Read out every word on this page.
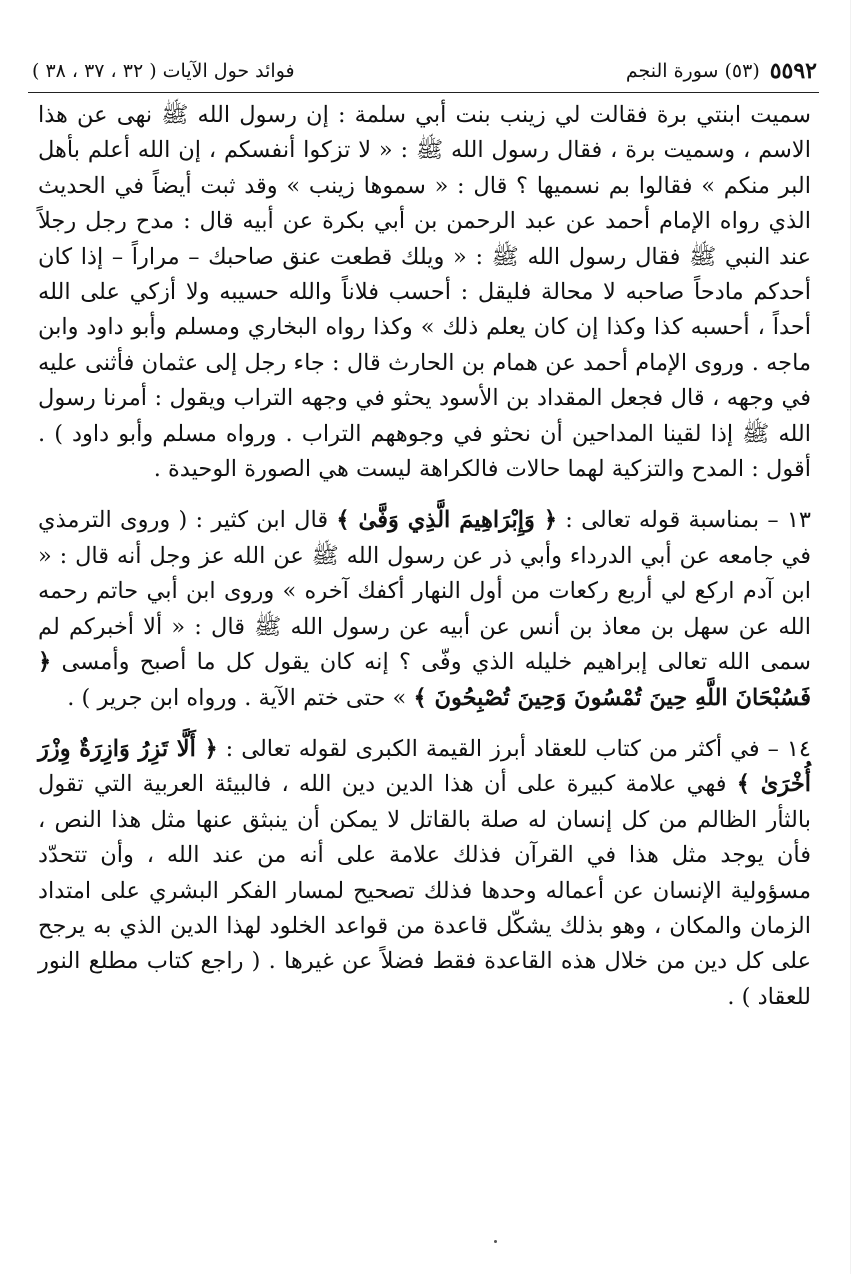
٥٥٩٢
(٥٣) سورة النجم
فوائد حول الآيات ( ٣٢ ، ٣٧ ، ٣٨ )

سميت ابنتي برة فقالت لي زينب بنت أبي سلمة : إن رسول الله ﷺ نهى عن هذا الاسم ، وسميت برة ، فقال رسول الله ﷺ : « لا تزكوا أنفسكم ، إن الله أعلم بأهل البر منكم » فقالوا بم نسميها ؟ قال : « سموها زينب » وقد ثبت أيضاً في الحديث الذي رواه الإمام أحمد عن عبد الرحمن بن أبي بكرة عن أبيه قال : مدح رجل رجلاً عند النبي ﷺ فقال رسول الله ﷺ : « ويلك قطعت عنق صاحبك – مراراً – إذا كان أحدكم مادحاً صاحبه لا محالة فليقل : أحسب فلاناً والله حسيبه ولا أزكي على الله أحداً ، أحسبه كذا وكذا إن كان يعلم ذلك » وكذا رواه البخاري ومسلم وأبو داود وابن ماجه . وروى الإمام أحمد عن همام بن الحارث قال : جاء رجل إلى عثمان فأثنى عليه في وجهه ، قال فجعل المقداد بن الأسود يحثو في وجهه التراب ويقول : أمرنا رسول الله ﷺ إذا لقينا المداحين أن نحثو في وجوههم التراب . ورواه مسلم وأبو داود ) . أقول : المدح والتزكية لهما حالات فالكراهة ليست هي الصورة الوحيدة .

١٣ – بمناسبة قوله تعالى : ﴿ وَإِبْرَاهِيمَ الَّذِي وَفَّىٰ ﴾ قال ابن كثير : ( وروى الترمذي في جامعه عن أبي الدرداء وأبي ذر عن رسول الله ﷺ عن الله عز وجل أنه قال : « ابن آدم اركع لي أربع ركعات من أول النهار أكفك آخره » وروى ابن أبي حاتم رحمه الله عن سهل بن معاذ بن أنس عن أبيه عن رسول الله ﷺ قال : « ألا أخبركم لم سمى الله تعالى إبراهيم خليله الذي وفّى ؟ إنه كان يقول كل ما أصبح وأمسى ﴿ فَسُبْحَانَ اللَّهِ حِينَ تُمْسُونَ وَحِينَ تُصْبِحُونَ ﴾ » حتى ختم الآية . ورواه ابن جرير ) .

١٤ – في أكثر من كتاب للعقاد أبرز القيمة الكبرى لقوله تعالى : ﴿ أَلَّا تَزِرُ وَازِرَةٌ وِزْرَ أُخْرَىٰ ﴾ فهي علامة كبيرة على أن هذا الدين دين الله ، فالبيئة العربية التي تقول بالثأر الظالم من كل إنسان له صلة بالقاتل لا يمكن أن ينبثق عنها مثل هذا النص ، فأن يوجد مثل هذا في القرآن فذلك علامة على أنه من عند الله ، وأن تتحدّد مسؤولية الإنسان عن أعماله وحدها فذلك تصحيح لمسار الفكر البشري على امتداد الزمان والمكان ، وهو بذلك يشكّل قاعدة من قواعد الخلود لهذا الدين الذي به يرجح على كل دين من خلال هذه القاعدة فقط فضلاً عن غيرها . ( راجع كتاب مطلع النور للعقاد ) .
